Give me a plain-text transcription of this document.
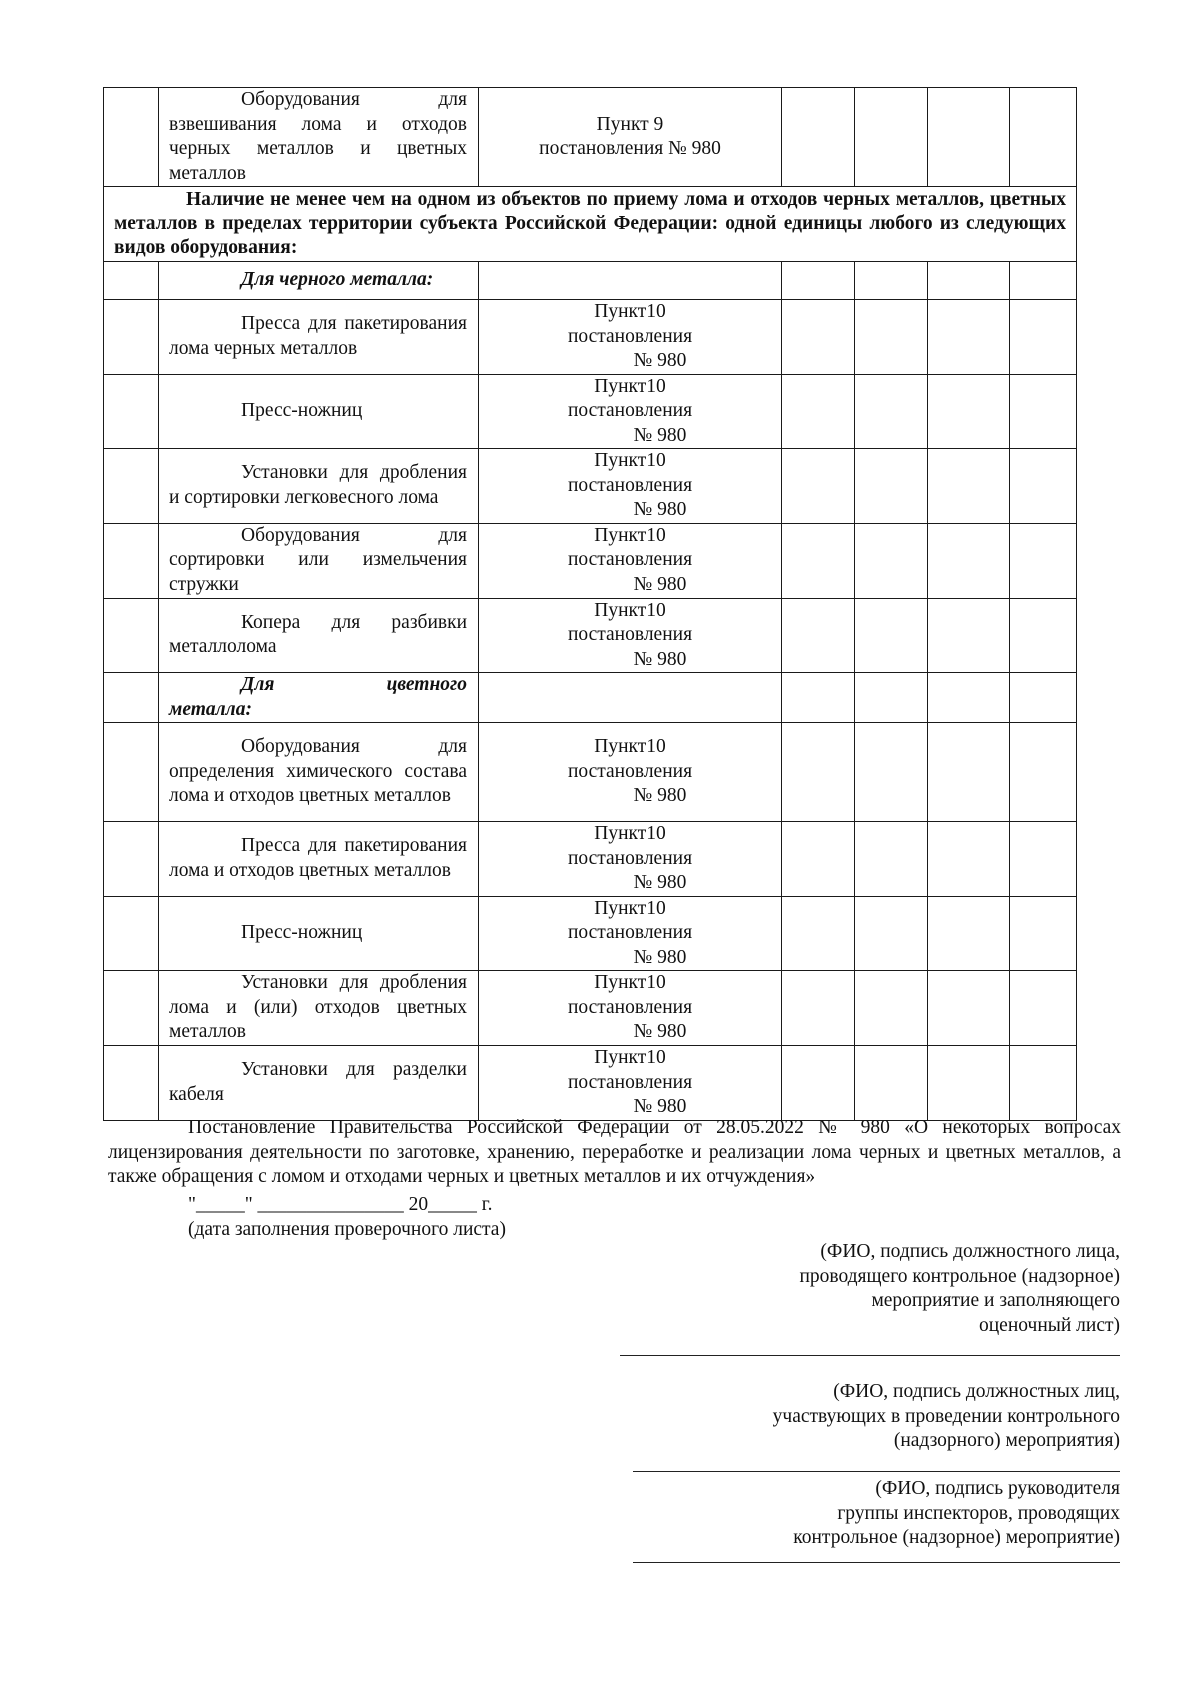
	Оборудования для взвешивания лома и отходов черных металлов и цветных металлов	Пункт 9
постановления № 980				

Наличие не менее чем на одном из объектов по приему лома и отходов черных металлов, цветных металлов в пределах территории субъекта Российской Федерации: одной единицы любого из следующих видов оборудования:						

	Для черного металла:					

	Пресса для пакетирования лома черных металлов	Пункт10
постановления
№ 980				

	Пресс-ножниц	Пункт10
постановления
№ 980				

	Установки для дробления и сортировки легковесного лома	Пункт10
постановления
№ 980				

	Оборудования для сортировки или измельчения стружки	Пункт10
постановления
№ 980				

	Копера для разбивки металлолома	Пункт10
постановления
№ 980				

	Для цветного
металла:					

	Оборудования для определения химического состава лома и отходов цветных металлов	Пункт10
постановления
№ 980				

	Пресса для пакетирования лома и отходов цветных металлов	Пункт10
постановления
№ 980				

	Пресс-ножниц	Пункт10
постановления
№ 980				

	Установки для дробления лома и (или) отходов цветных металлов	Пункт10
постановления
№ 980				

	Установки для разделки кабеля	Пункт10
постановления
№ 980				

Постановление Правительства Российской Федерации от 28.05.2022 № 980 «О некоторых вопросах лицензирования деятельности по заготовке, хранению, переработке и реализации лома черных и цветных металлов, а также обращения с ломом и отходами черных и цветных металлов и их отчуждения»
"_____" _______________ 20_____ г.
(дата заполнения проверочного листа)
(ФИО, подпись должностного лица,
проводящего контрольное (надзорное)
мероприятие и заполняющего
оценочный лист)
(ФИО, подпись должностных лиц,
участвующих в проведении контрольного
(надзорного) мероприятия)
(ФИО, подпись руководителя
группы инспекторов, проводящих
контрольное (надзорное) мероприятие)
